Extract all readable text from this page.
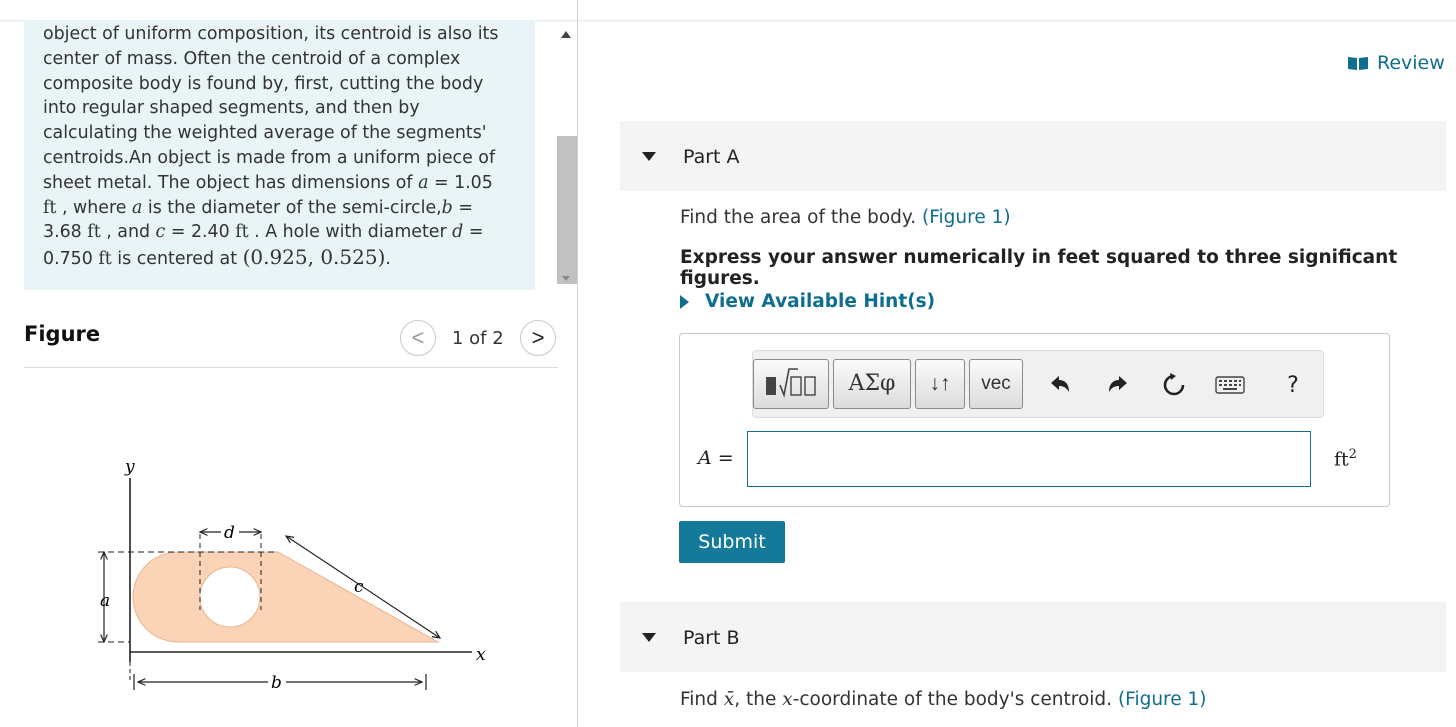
object of uniform composition, its centroid is also its

center of mass. Often the centroid of a complex

composite body is found by, first, cutting the body

into regular shaped segments, and then by

calculating the weighted average of the segments'

centroids.An object is made from a uniform piece of

sheet metal. The object has dimensions of a = 1.05

ft , where a is the diameter of the semi-circle,b =

3.68 ft , and c = 2.40 ft . A hole with diameter d =

0.750 ft is centered at (0.925, 0.525).

Figure	<	1 of 2	>
y
x
a
d
b
c
Review
Part A
Find the area of the body. (Figure 1)
Express your answer numerically in feet squared to three significant figures.
View Available Hint(s)
ΑΣφ	↓↑	vec	?
A =	$ft^2$
Submit
Part B
Find x̄, the x-coordinate of the body's centroid. (Figure 1)
